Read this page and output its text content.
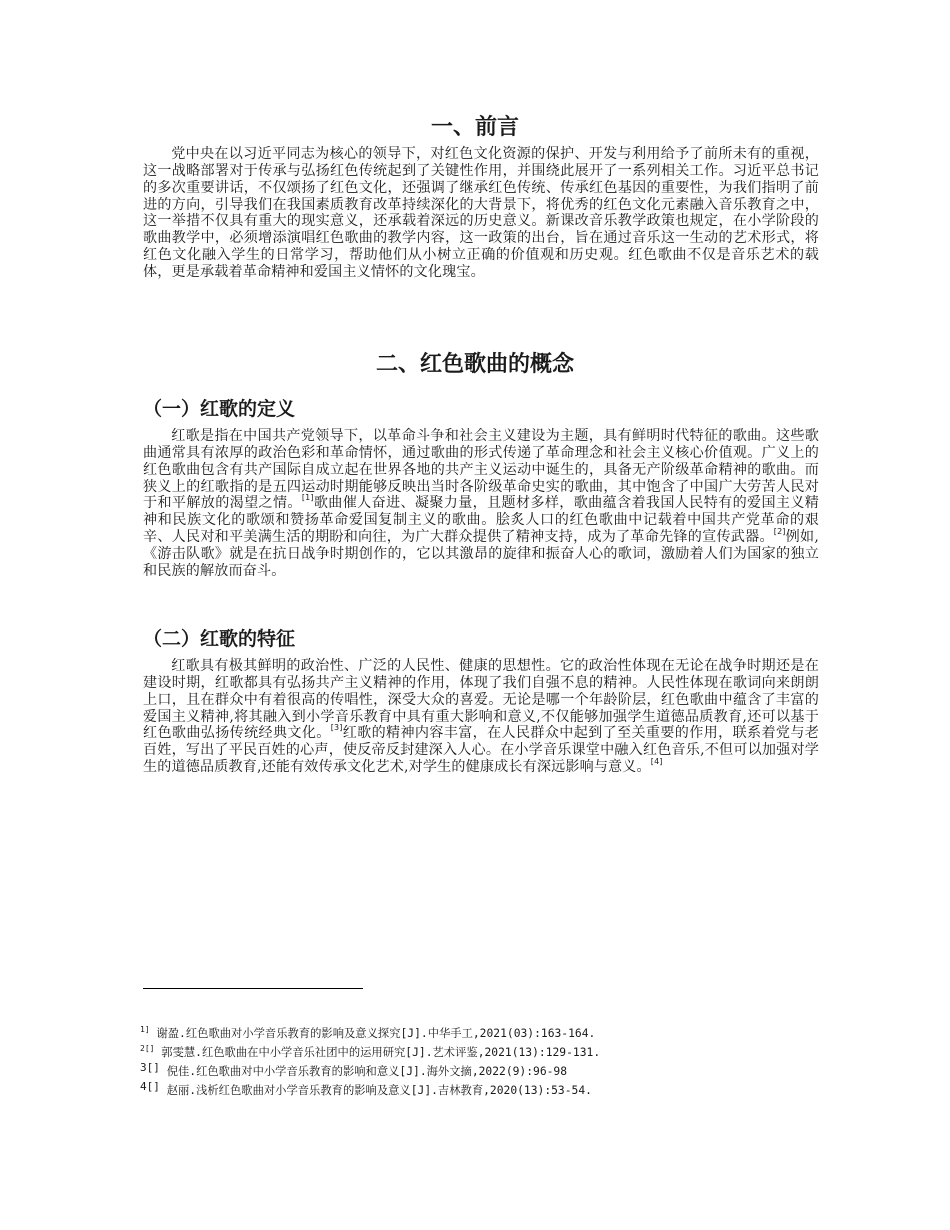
一、前言

党中央在以习近平同志为核心的领导下，对红色文化资源的保护、开发与利用给予了前所未有的重视，这一战略部署对于传承与弘扬红色传统起到了关键性作用，并围绕此展开了一系列相关工作。习近平总书记的多次重要讲话，不仅颂扬了红色文化，还强调了继承红色传统、传承红色基因的重要性，为我们指明了前进的方向，引导我们在我国素质教育改革持续深化的大背景下，将优秀的红色文化元素融入音乐教育之中，这一举措不仅具有重大的现实意义，还承载着深远的历史意义。新课改音乐教学政策也规定，在小学阶段的歌曲教学中，必须增添演唱红色歌曲的教学内容，这一政策的出台，旨在通过音乐这一生动的艺术形式，将红色文化融入学生的日常学习，帮助他们从小树立正确的价值观和历史观。红色歌曲不仅是音乐艺术的载体，更是承载着革命精神和爱国主义情怀的文化瑰宝。

二、红色歌曲的概念
（一）红歌的定义

红歌是指在中国共产党领导下，以革命斗争和社会主义建设为主题，具有鲜明时代特征的歌曲。这些歌曲通常具有浓厚的政治色彩和革命情怀，通过歌曲的形式传递了革命理念和社会主义核心价值观。广义上的红色歌曲包含有共产国际自成立起在世界各地的共产主义运动中诞生的，具备无产阶级革命精神的歌曲。而狭义上的红歌指的是五四运动时期能够反映出当时各阶级革命史实的歌曲，其中饱含了中国广大劳苦人民对于和平解放的渴望之情。[1]歌曲催人奋进、凝聚力量，且题材多样，歌曲蕴含着我国人民特有的爱国主义精神和民族文化的歌颂和赞扬革命爱国复制主义的歌曲。脍炙人口的红色歌曲中记载着中国共产党革命的艰辛、人民对和平美满生活的期盼和向往，为广大群众提供了精神支持，成为了革命先锋的宣传武器。[2]例如,《游击队歌》就是在抗日战争时期创作的，它以其激昂的旋律和振奋人心的歌词，激励着人们为国家的独立和民族的解放而奋斗。

（二）红歌的特征

红歌具有极其鲜明的政治性、广泛的人民性、健康的思想性。它的政治性体现在无论在战争时期还是在建设时期，红歌都具有弘扬共产主义精神的作用，体现了我们自强不息的精神。人民性体现在歌词向来朗朗上口，且在群众中有着很高的传唱性，深受大众的喜爱。无论是哪一个年龄阶层，红色歌曲中蕴含了丰富的爱国主义精神,将其融入到小学音乐教育中具有重大影响和意义,不仅能够加强学生道德品质教育,还可以基于红色歌曲弘扬传统经典文化。[3]红歌的精神内容丰富，在人民群众中起到了至关重要的作用，联系着党与老百姓，写出了平民百姓的心声，使反帝反封建深入人心。在小学音乐课堂中融入红色音乐,不但可以加强对学生的道德品质教育,还能有效传承文化艺术,对学生的健康成长有深远影响与意义。[4]

$^{1]}$ 谢盈.红色歌曲对小学音乐教育的影响及意义探究[J].中华手工,2021(03):163-164.
$^{2[]}$ 郭雯慧.红色歌曲在中小学音乐社团中的运用研究[J].艺术评鉴,2021(13):129-131.
3[] 倪佳.红色歌曲对中小学音乐教育的影响和意义[J].海外文摘,2022(9):96-98
4[] 赵丽.浅析红色歌曲对小学音乐教育的影响及意义[J].吉林教育,2020(13):53-54.
